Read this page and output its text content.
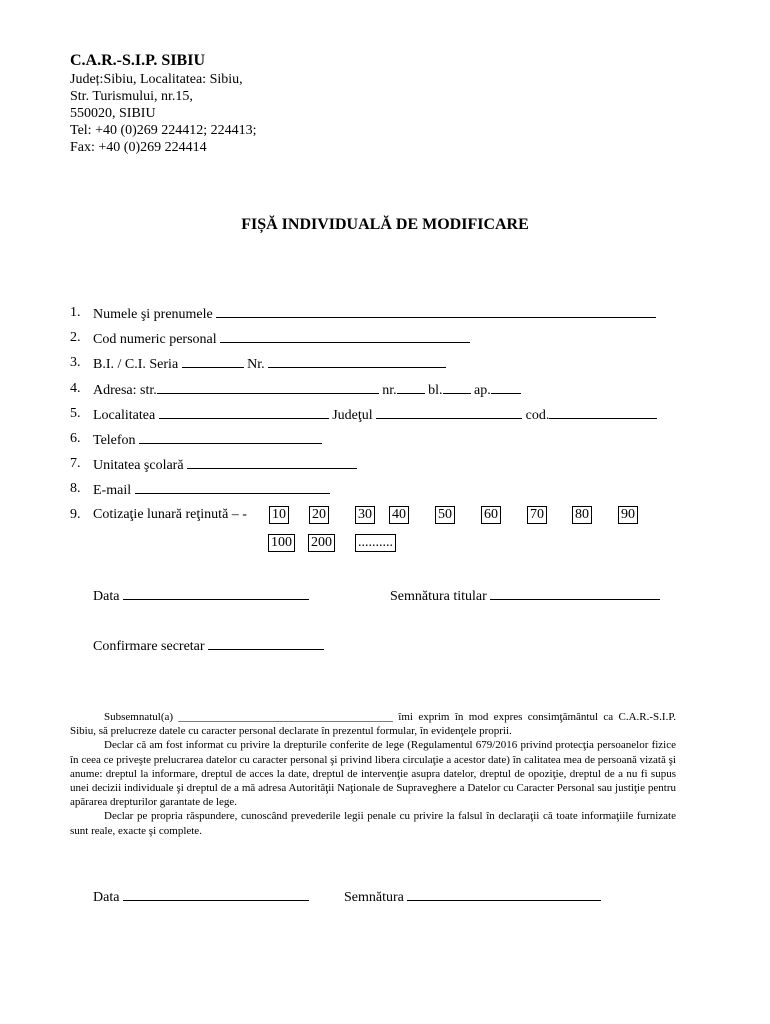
C.A.R.-S.I.P. SIBIU
Județ:Sibiu, Localitatea: Sibiu,
Str. Turismului, nr.15,
550020, SIBIU
Tel: +40 (0)269 224412; 224413;
Fax: +40 (0)269 224414
FIȘĂ INDIVIDUALĂ DE MODIFICARE
1. Numele şi prenumele
2. Cod numeric personal
3. B.I. / C.I. Seria	Nr.
4. Adresa: str.	nr. bl. ap.
5. Localitatea	Judeţul	cod.
6. Telefon
7. Unitatea şcolară
8. E-mail
9. Cotizaţie lunară reţinută – - 10 20 30 40 50 60 70 80 90
100 200 ..........
Data	Semnătura titular
Confirmare secretar

Subsemnatul(a) _______________________________________ îmi exprim în mod expres consimţământul ca C.A.R.-S.I.P. Sibiu, să prelucreze datele cu caracter personal declarate în prezentul formular, în evidenţele proprii.

Declar că am fost informat cu privire la drepturile conferite de lege (Regulamentul 679/2016 privind protecţia persoanelor fizice în ceea ce priveşte prelucrarea datelor cu caracter personal şi privind libera circulaţie a acestor date) în calitatea mea de persoană vizată şi anume: dreptul la informare, dreptul de acces la date, dreptul de intervenţie asupra datelor, dreptul de opoziţie, dreptul de a nu fi supus unei decizii individuale şi dreptul de a mă adresa Autorităţii Naţionale de Supraveghere a Datelor cu Caracter Personal sau justiţie pentru apărarea drepturilor garantate de lege.

Declar pe propria răspundere, cunoscând prevederile legii penale cu privire la falsul în declaraţii că toate informaţiile furnizate sunt reale, exacte şi complete.

Data	Semnătura
